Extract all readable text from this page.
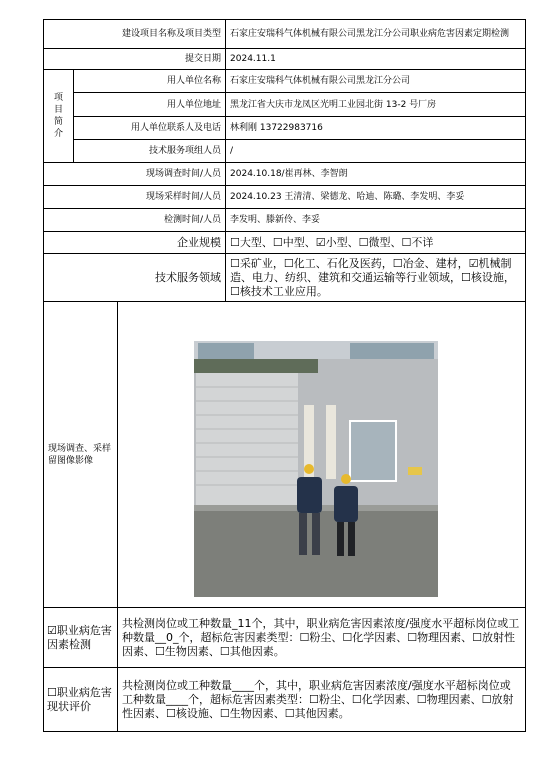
建设项目名称及项目类型			石家庄安瑞科气体机械有限公司黑龙江分公司职业病危害因素定期检测
提交日期			2024.11.1

项
目
简
介	用人单位名称		石家庄安瑞科气体机械有限公司黑龙江分公司
	用人单位地址		黑龙江省大庆市龙凤区光明工业园北街 13-2 号厂房
	用人单位联系人及电话		林利刚 13722983716
	技术服务项组人员		/
现场调查时间/人员			2024.10.18/崔再林、李智朗
现场采样时间/人员			2024.10.23 王清清、梁德龙、哈迪、陈璐、李发明、李妥
检测时间/人员			李发明、滕新伶、李妥
企业规模			☐大型、☐中型、☑小型、☐微型、☐不详
技术服务领域			☐采矿业，☐化工、石化及医药，☐冶金、建材，☑机械制造、电力、纺织、建筑和交通运输等行业领域，☐核设施，☐核技术工业应用。
现场调查、采样留图像影像	

☑职业病危害因素检测		共检测岗位或工种数量_11个，其中，职业病危害因素浓度/强度水平超标岗位或工种数量__0_个，超标危害因素类型：☐粉尘、☐化学因素、☐物理因素、☐放射性因素、☐生物因素、☐其他因素。	
☐职业病危害现状评价		共检测岗位或工种数量____个，其中，职业病危害因素浓度/强度水平超标岗位或工种数量____个，超标危害因素类型：☐粉尘、☐化学因素、☐物理因素、☐放射性因素、☐核设施、☐生物因素、☐其他因素。	
